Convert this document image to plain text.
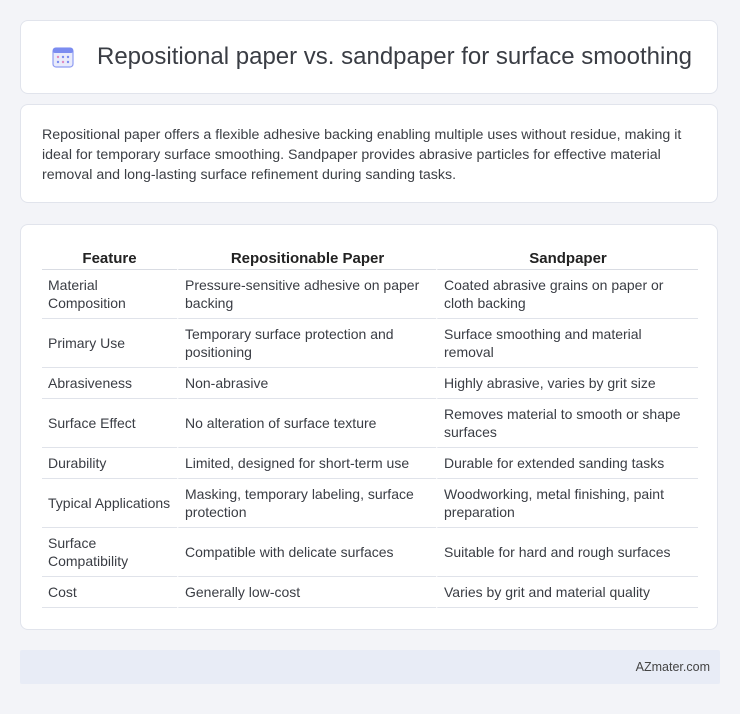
Repositional paper vs. sandpaper for surface smoothing

Repositional paper offers a flexible adhesive backing enabling multiple uses without residue, making it ideal for temporary surface smoothing. Sandpaper provides abrasive particles for effective material removal and long-lasting surface refinement during sanding tasks.

Feature	Repositionable Paper	Sandpaper
Material Composition	Pressure-sensitive adhesive on paper backing	Coated abrasive grains on paper or cloth backing
Primary Use	Temporary surface protection and positioning	Surface smoothing and material removal
Abrasiveness	Non-abrasive	Highly abrasive, varies by grit size
Surface Effect	No alteration of surface texture	Removes material to smooth or shape surfaces
Durability	Limited, designed for short-term use	Durable for extended sanding tasks
Typical Applications	Masking, temporary labeling, surface protection	Woodworking, metal finishing, paint preparation
Surface Compatibility	Compatible with delicate surfaces	Suitable for hard and rough surfaces
Cost	Generally low-cost	Varies by grit and material quality
AZmater.com
